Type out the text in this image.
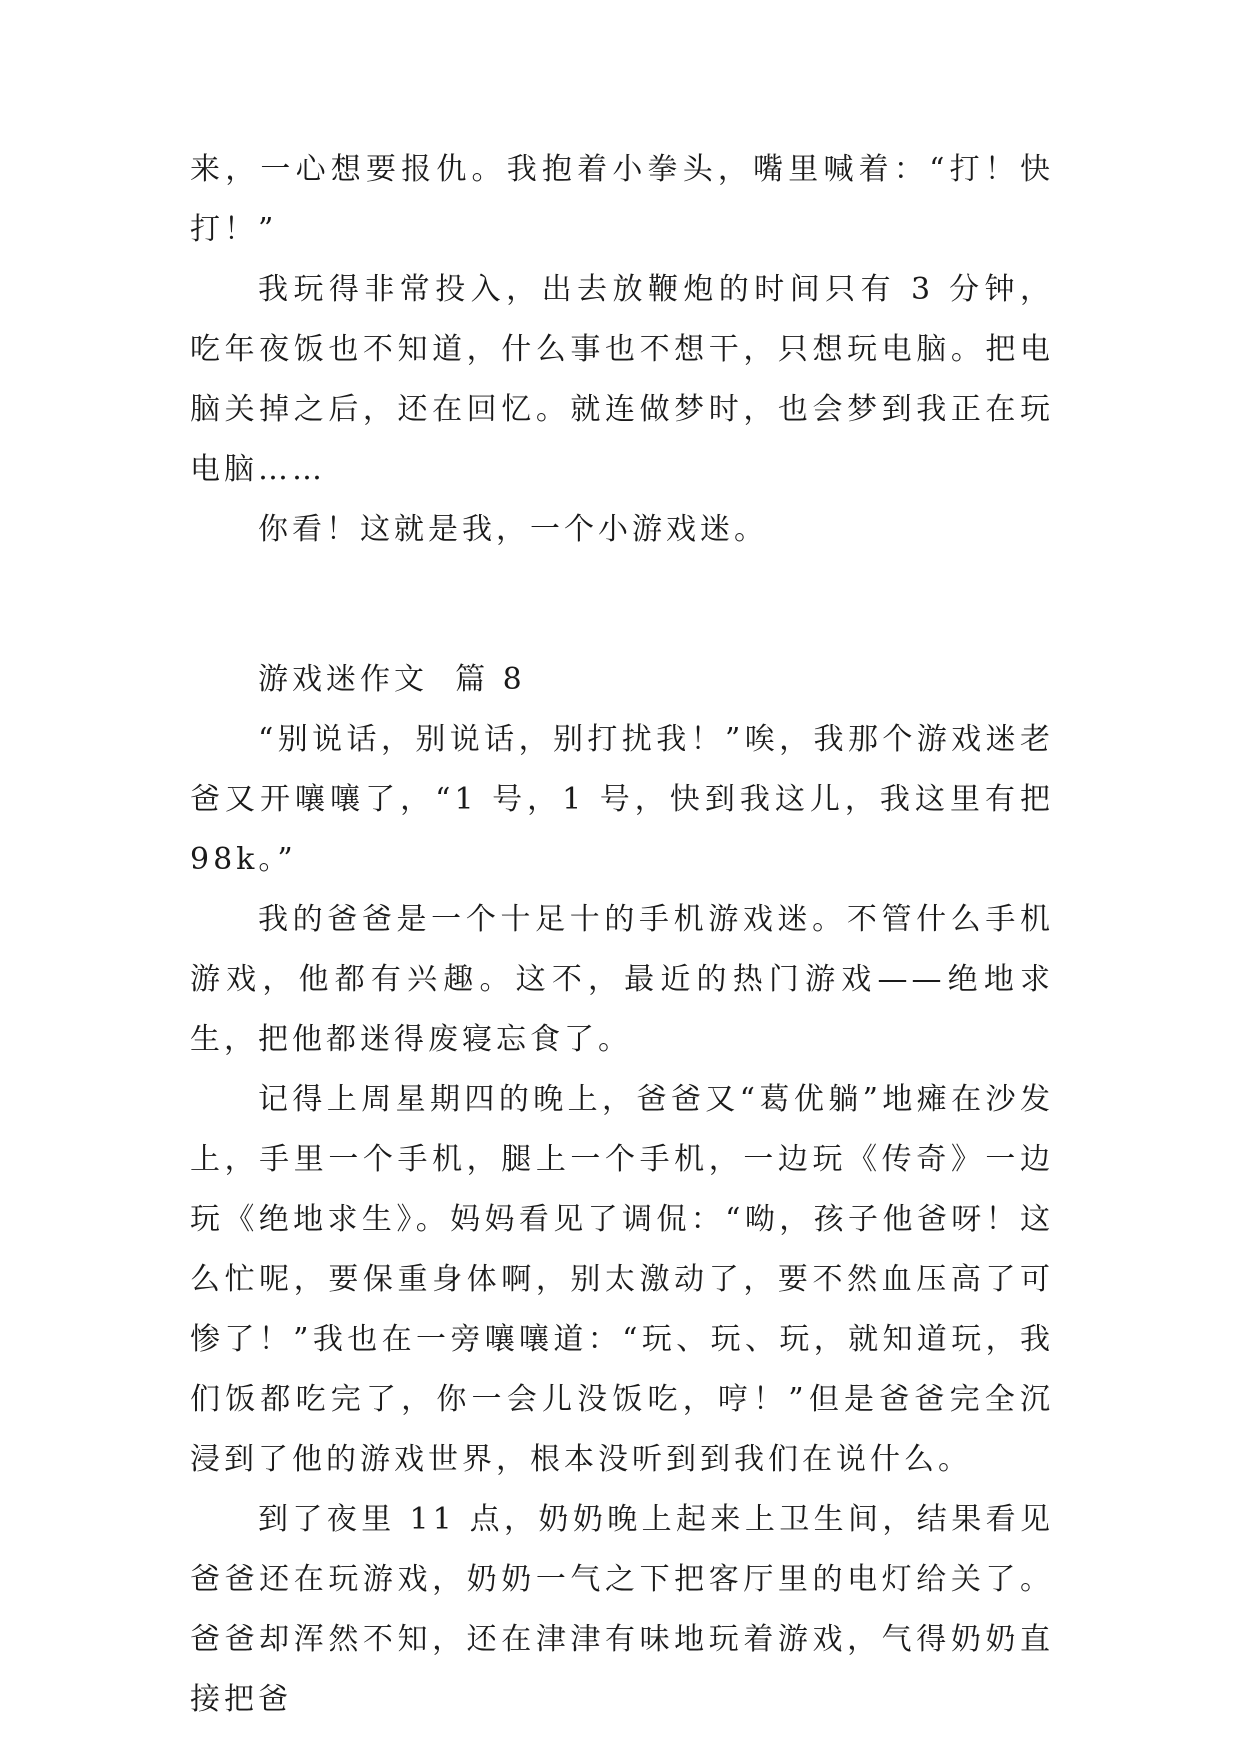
来，一心想要报仇。我抱着小拳头，嘴里喊着：“打！快打！”

我玩得非常投入，出去放鞭炮的时间只有 3 分钟，吃年夜饭也不知道，什么事也不想干，只想玩电脑。把电脑关掉之后，还在回忆。就连做梦时，也会梦到我正在玩电脑……

你看！这就是我，一个小游戏迷。

游戏迷作文  篇 8

“别说话，别说话，别打扰我！”唉，我那个游戏迷老爸又开嚷嚷了，“1 号，1 号，快到我这儿，我这里有把 98k。”

我的爸爸是一个十足十的手机游戏迷。不管什么手机游戏，他都有兴趣。这不，最近的热门游戏——绝地求生，把他都迷得废寝忘食了。

记得上周星期四的晚上，爸爸又“葛优躺”地瘫在沙发上，手里一个手机，腿上一个手机，一边玩《传奇》一边玩《绝地求生》。妈妈看见了调侃：“呦，孩子他爸呀！这么忙呢，要保重身体啊，别太激动了，要不然血压高了可惨了！”我也在一旁嚷嚷道：“玩、玩、玩，就知道玩，我们饭都吃完了，你一会儿没饭吃，哼！”但是爸爸完全沉浸到了他的游戏世界，根本没听到到我们在说什么。

到了夜里 11 点，奶奶晚上起来上卫生间，结果看见爸爸还在玩游戏，奶奶一气之下把客厅里的电灯给关了。爸爸却浑然不知，还在津津有味地玩着游戏，气得奶奶直接把爸
